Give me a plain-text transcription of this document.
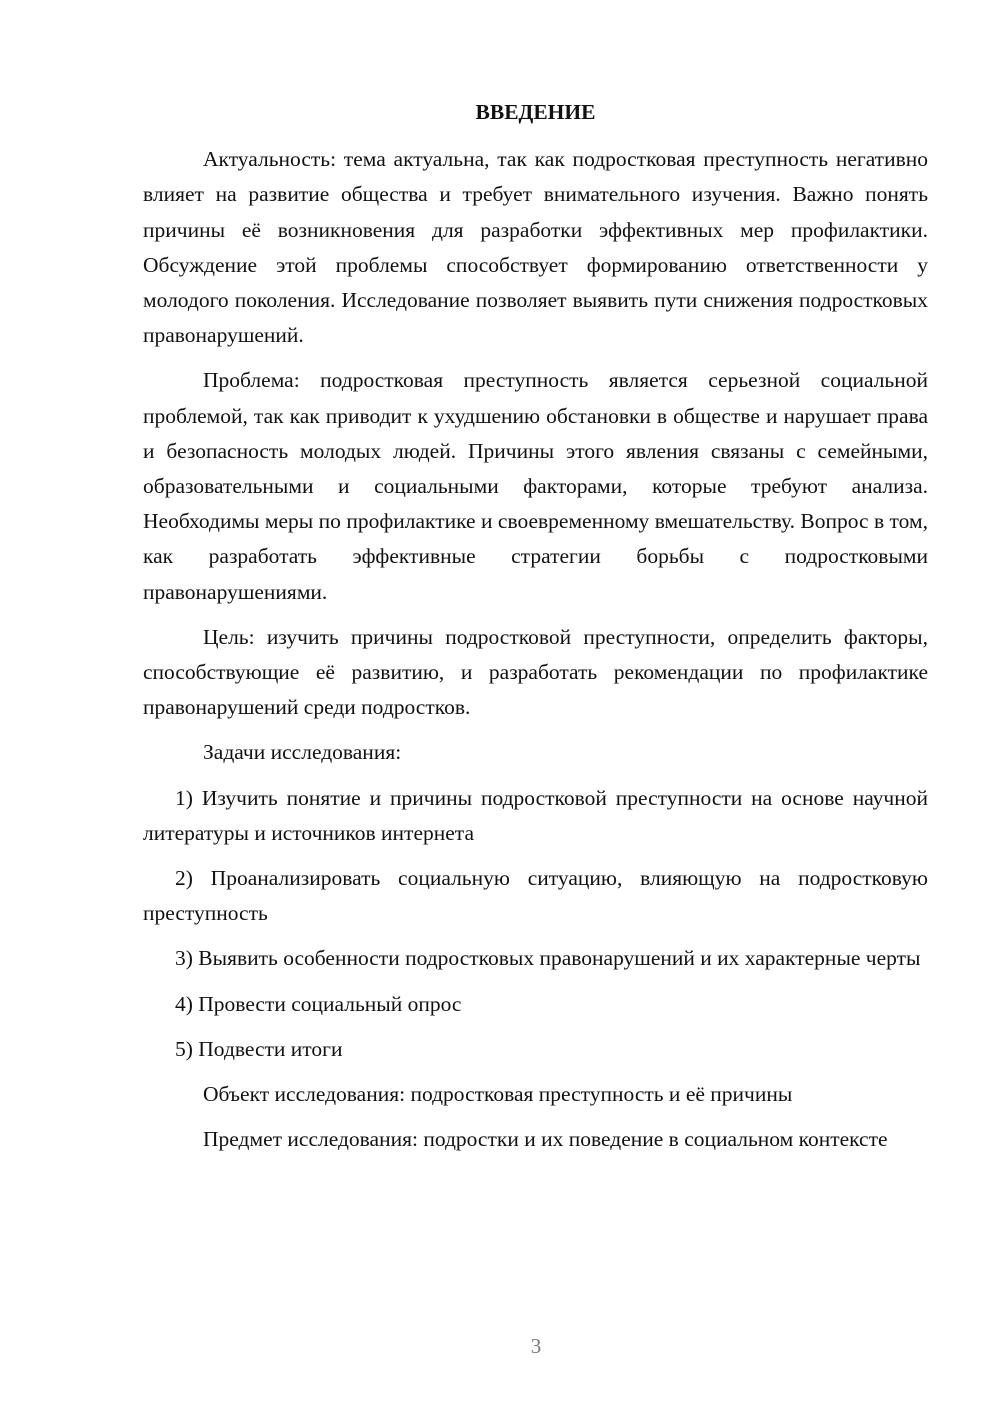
ВВЕДЕНИЕ

Актуальность: тема актуальна, так как подростковая преступность негативно влияет на развитие общества и требует внимательного изучения. Важно понять причины её возникновения для разработки эффективных мер профилактики. Обсуждение этой проблемы способствует формированию ответственности у молодого поколения. Исследование позволяет выявить пути снижения подростковых правонарушений.

Проблема: подростковая преступность является серьезной социальной проблемой, так как приводит к ухудшению обстановки в обществе и нарушает права и безопасность молодых людей. Причины этого явления связаны с семейными, образовательными и социальными факторами, которые требуют анализа. Необходимы меры по профилактике и своевременному вмешательству. Вопрос в том, как разработать эффективные стратегии борьбы с подростковыми правонарушениями.

Цель: изучить причины подростковой преступности, определить факторы, способствующие её развитию, и разработать рекомендации по профилактике правонарушений среди подростков.

Задачи исследования:

1) Изучить понятие и причины подростковой преступности на основе научной литературы и источников интернета

2) Проанализировать социальную ситуацию, влияющую на подростковую преступность

3) Выявить особенности подростковых правонарушений и их характерные черты

4) Провести социальный опрос

5) Подвести итоги

Объект исследования: подростковая преступность и её причины

Предмет исследования: подростки и их поведение в социальном контексте

3
